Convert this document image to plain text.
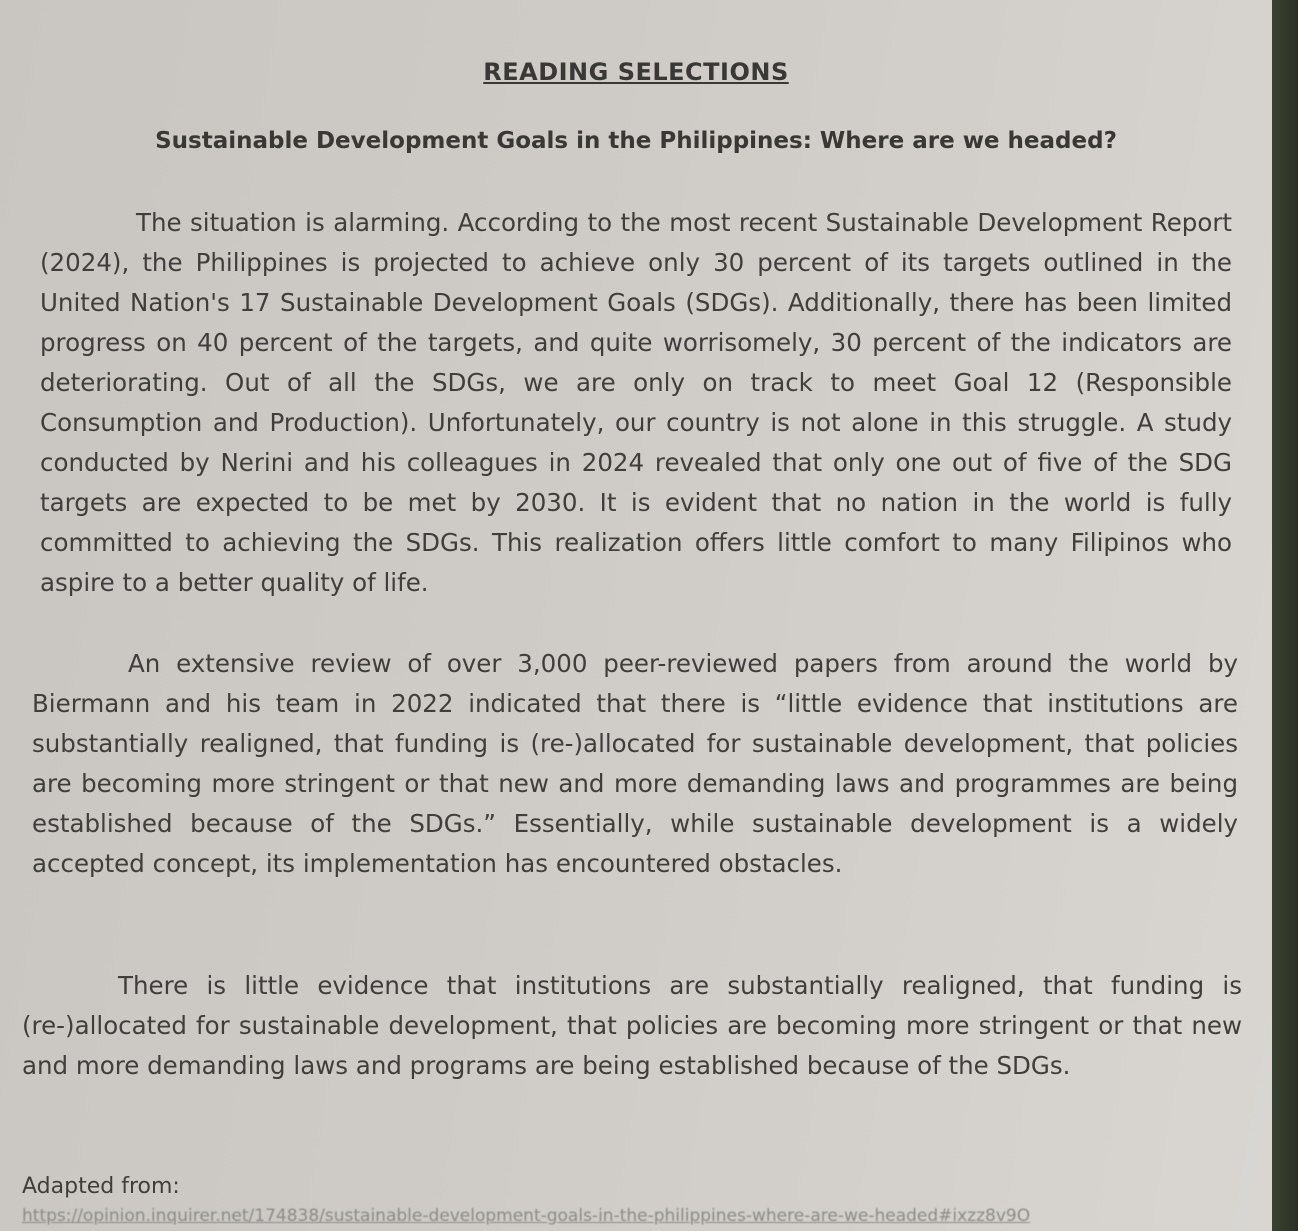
READING SELECTIONS
Sustainable Development Goals in the Philippines: Where are we headed?

The situation is alarming. According to the most recent Sustainable Development Report (2024), the Philippines is projected to achieve only 30 percent of its targets outlined in the United Nation's 17 Sustainable Development Goals (SDGs). Additionally, there has been limited progress on 40 percent of the targets, and quite worrisomely, 30 percent of the indicators are deteriorating. Out of all the SDGs, we are only on track to meet Goal 12 (Responsible Consumption and Production). Unfortunately, our country is not alone in this struggle. A study conducted by Nerini and his colleagues in 2024 revealed that only one out of five of the SDG targets are expected to be met by 2030. It is evident that no nation in the world is fully committed to achieving the SDGs. This realization offers little comfort to many Filipinos who aspire to a better quality of life.

An extensive review of over 3,000 peer-reviewed papers from around the world by Biermann and his team in 2022 indicated that there is “little evidence that institutions are substantially realigned, that funding is (re-)allocated for sustainable development, that policies are becoming more stringent or that new and more demanding laws and programmes are being established because of the SDGs.” Essentially, while sustainable development is a widely accepted concept, its implementation has encountered obstacles.

There is little evidence that institutions are substantially realigned, that funding is (re-)allocated for sustainable development, that policies are becoming more stringent or that new and more demanding laws and programs are being established because of the SDGs.

Adapted from:
https://opinion.inquirer.net/174838/sustainable-development-goals-in-the-philippines-where-are-we-headed#ixzz8v9O
